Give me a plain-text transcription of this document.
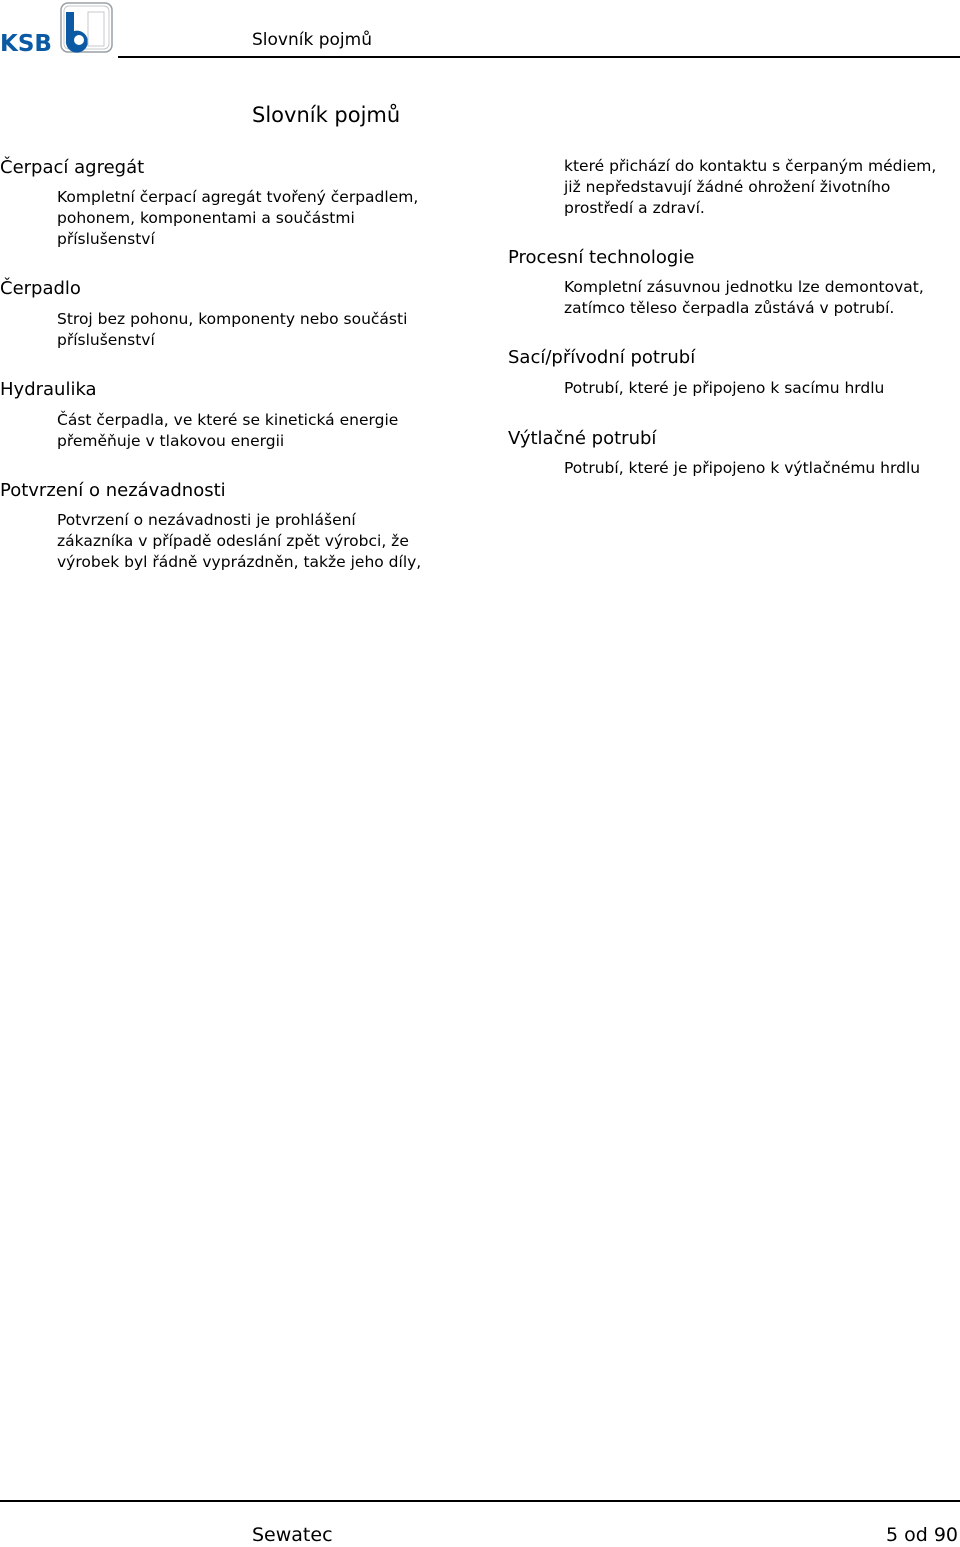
KSB	Slovník pojmů
Slovník pojmů
Čerpací agregát
Kompletní čerpací agregát tvořený čerpadlem,
pohonem, komponentami a součástmi
příslušenství
Čerpadlo
Stroj bez pohonu, komponenty nebo součásti
příslušenství
Hydraulika
Část čerpadla, ve které se kinetická energie
přeměňuje v tlakovou energii
Potvrzení o nezávadnosti
Potvrzení o nezávadnosti je prohlášení
zákazníka v případě odeslání zpět výrobci, že
výrobek byl řádně vyprázdněn, takže jeho díly,
které přichází do kontaktu s čerpaným médiem,
již nepředstavují žádné ohrožení životního
prostředí a zdraví.
Procesní technologie
Kompletní zásuvnou jednotku lze demontovat,
zatímco těleso čerpadla zůstává v potrubí.
Sací/přívodní potrubí
Potrubí, které je připojeno k sacímu hrdlu
Výtlačné potrubí
Potrubí, které je připojeno k výtlačnému hrdlu
Sewatec	5 od 90
